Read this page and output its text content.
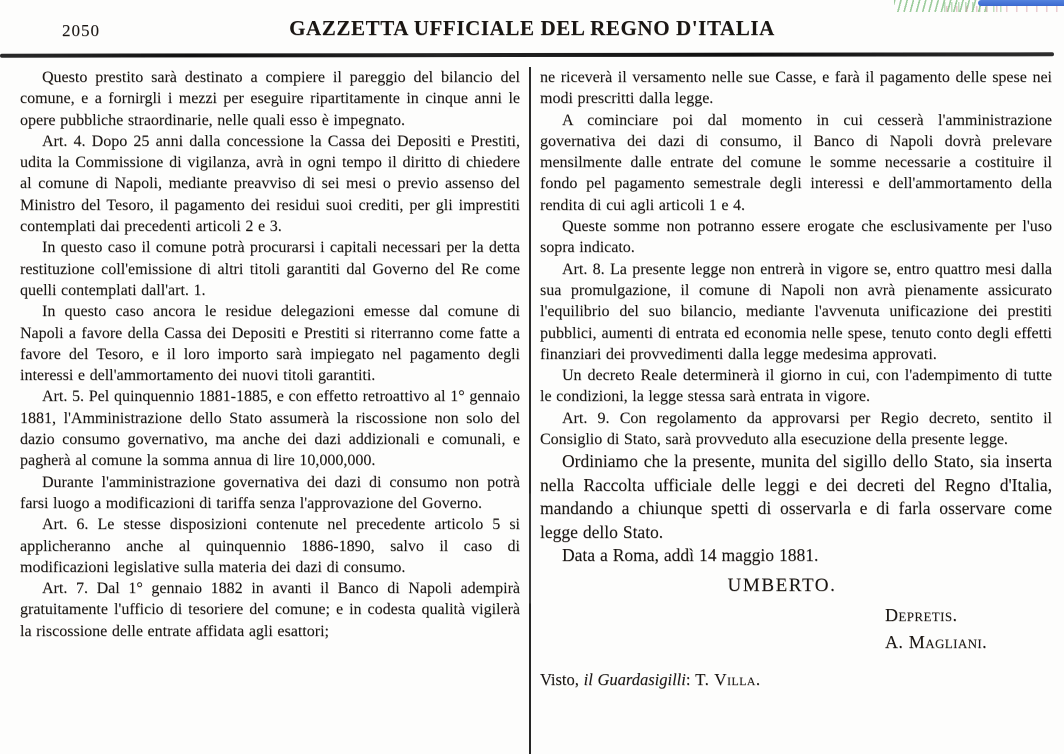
2050	GAZZETTA UFFICIALE DEL REGNO D'ITALIA

Questo prestito sarà destinato a compiere il pareggio del bilancio del comune, e a fornirgli i mezzi per eseguire ripartitamente in cinque anni le opere pubbliche straordinarie, nelle quali esso è impegnato.

Art. 4. Dopo 25 anni dalla concessione la Cassa dei Depositi e Prestiti, udita la Commissione di vigilanza, avrà in ogni tempo il diritto di chiedere al comune di Napoli, mediante preavviso di sei mesi o previo assenso del Ministro del Tesoro, il pagamento dei residui suoi crediti, per gli imprestiti contemplati dai precedenti articoli 2 e 3.

In questo caso il comune potrà procurarsi i capitali necessari per la detta restituzione coll'emissione di altri titoli garantiti dal Governo del Re come quelli contemplati dall'art. 1.

In questo caso ancora le residue delegazioni emesse dal comune di Napoli a favore della Cassa dei Depositi e Prestiti si riterranno come fatte a favore del Tesoro, e il loro importo sarà impiegato nel pagamento degli interessi e dell'ammortamento dei nuovi titoli garantiti.

Art. 5. Pel quinquennio 1881-1885, e con effetto retroattivo al 1° gennaio 1881, l'Amministrazione dello Stato assumerà la riscossione non solo del dazio consumo governativo, ma anche dei dazi addizionali e comunali, e pagherà al comune la somma annua di lire 10,000,000.

Durante l'amministrazione governativa dei dazi di consumo non potrà farsi luogo a modificazioni di tariffa senza l'approvazione del Governo.

Art. 6. Le stesse disposizioni contenute nel precedente articolo 5 si applicheranno anche al quinquennio 1886-1890, salvo il caso di modificazioni legislative sulla materia dei dazi di consumo.

Art. 7. Dal 1° gennaio 1882 in avanti il Banco di Napoli adempirà gratuitamente l'ufficio di tesoriere del comune; e in codesta qualità vigilerà la riscossione delle entrate affidata agli esattori;

ne riceverà il versamento nelle sue Casse, e farà il pagamento delle spese nei modi prescritti dalla legge.

A cominciare poi dal momento in cui cesserà l'amministrazione governativa dei dazi di consumo, il Banco di Napoli dovrà prelevare mensilmente dalle entrate del comune le somme necessarie a costituire il fondo pel pagamento semestrale degli interessi e dell'ammortamento della rendita di cui agli articoli 1 e 4.

Queste somme non potranno essere erogate che esclusivamente per l'uso sopra indicato.

Art. 8. La presente legge non entrerà in vigore se, entro quattro mesi dalla sua promulgazione, il comune di Napoli non avrà pienamente assicurato l'equilibrio del suo bilancio, mediante l'avvenuta unificazione dei prestiti pubblici, aumenti di entrata ed economia nelle spese, tenuto conto degli effetti finanziari dei provvedimenti dalla legge medesima approvati.

Un decreto Reale determinerà il giorno in cui, con l'adempimento di tutte le condizioni, la legge stessa sarà entrata in vigore.

Art. 9. Con regolamento da approvarsi per Regio decreto, sentito il Consiglio di Stato, sarà provveduto alla esecuzione della presente legge.

Ordiniamo che la presente, munita del sigillo dello Stato, sia inserta nella Raccolta ufficiale delle leggi e dei decreti del Regno d'Italia, mandando a chiunque spetti di osservarla e di farla osservare come legge dello Stato.

Data a Roma, addì 14 maggio 1881.

UMBERTO.
Depretis.
A. Magliani.
Visto, il Guardasigilli: T. Villa.
